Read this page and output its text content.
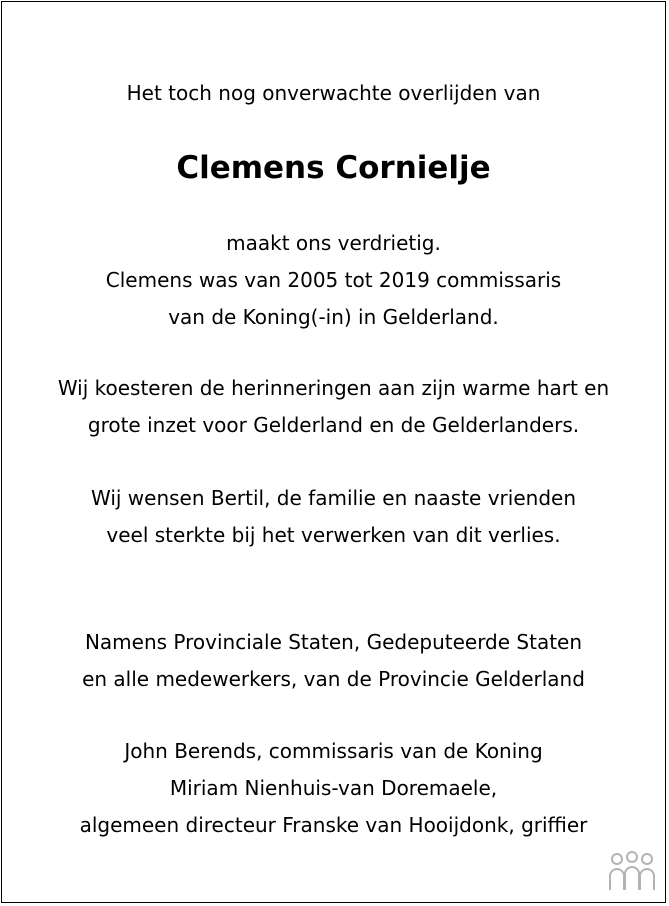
Het toch nog onverwachte overlijden van
Clemens Cornielje
maakt ons verdrietig.
Clemens was van 2005 tot 2019 commissaris
van de Koning(-in) in Gelderland.
Wij koesteren de herinneringen aan zijn warme hart en
grote inzet voor Gelderland en de Gelderlanders.
Wij wensen Bertil, de familie en naaste vrienden
veel sterkte bij het verwerken van dit verlies.
Namens Provinciale Staten, Gedeputeerde Staten
en alle medewerkers, van de Provincie Gelderland
John Berends, commissaris van de Koning
Miriam Nienhuis-van Doremaele,
algemeen directeur Franske van Hooijdonk, griffier
